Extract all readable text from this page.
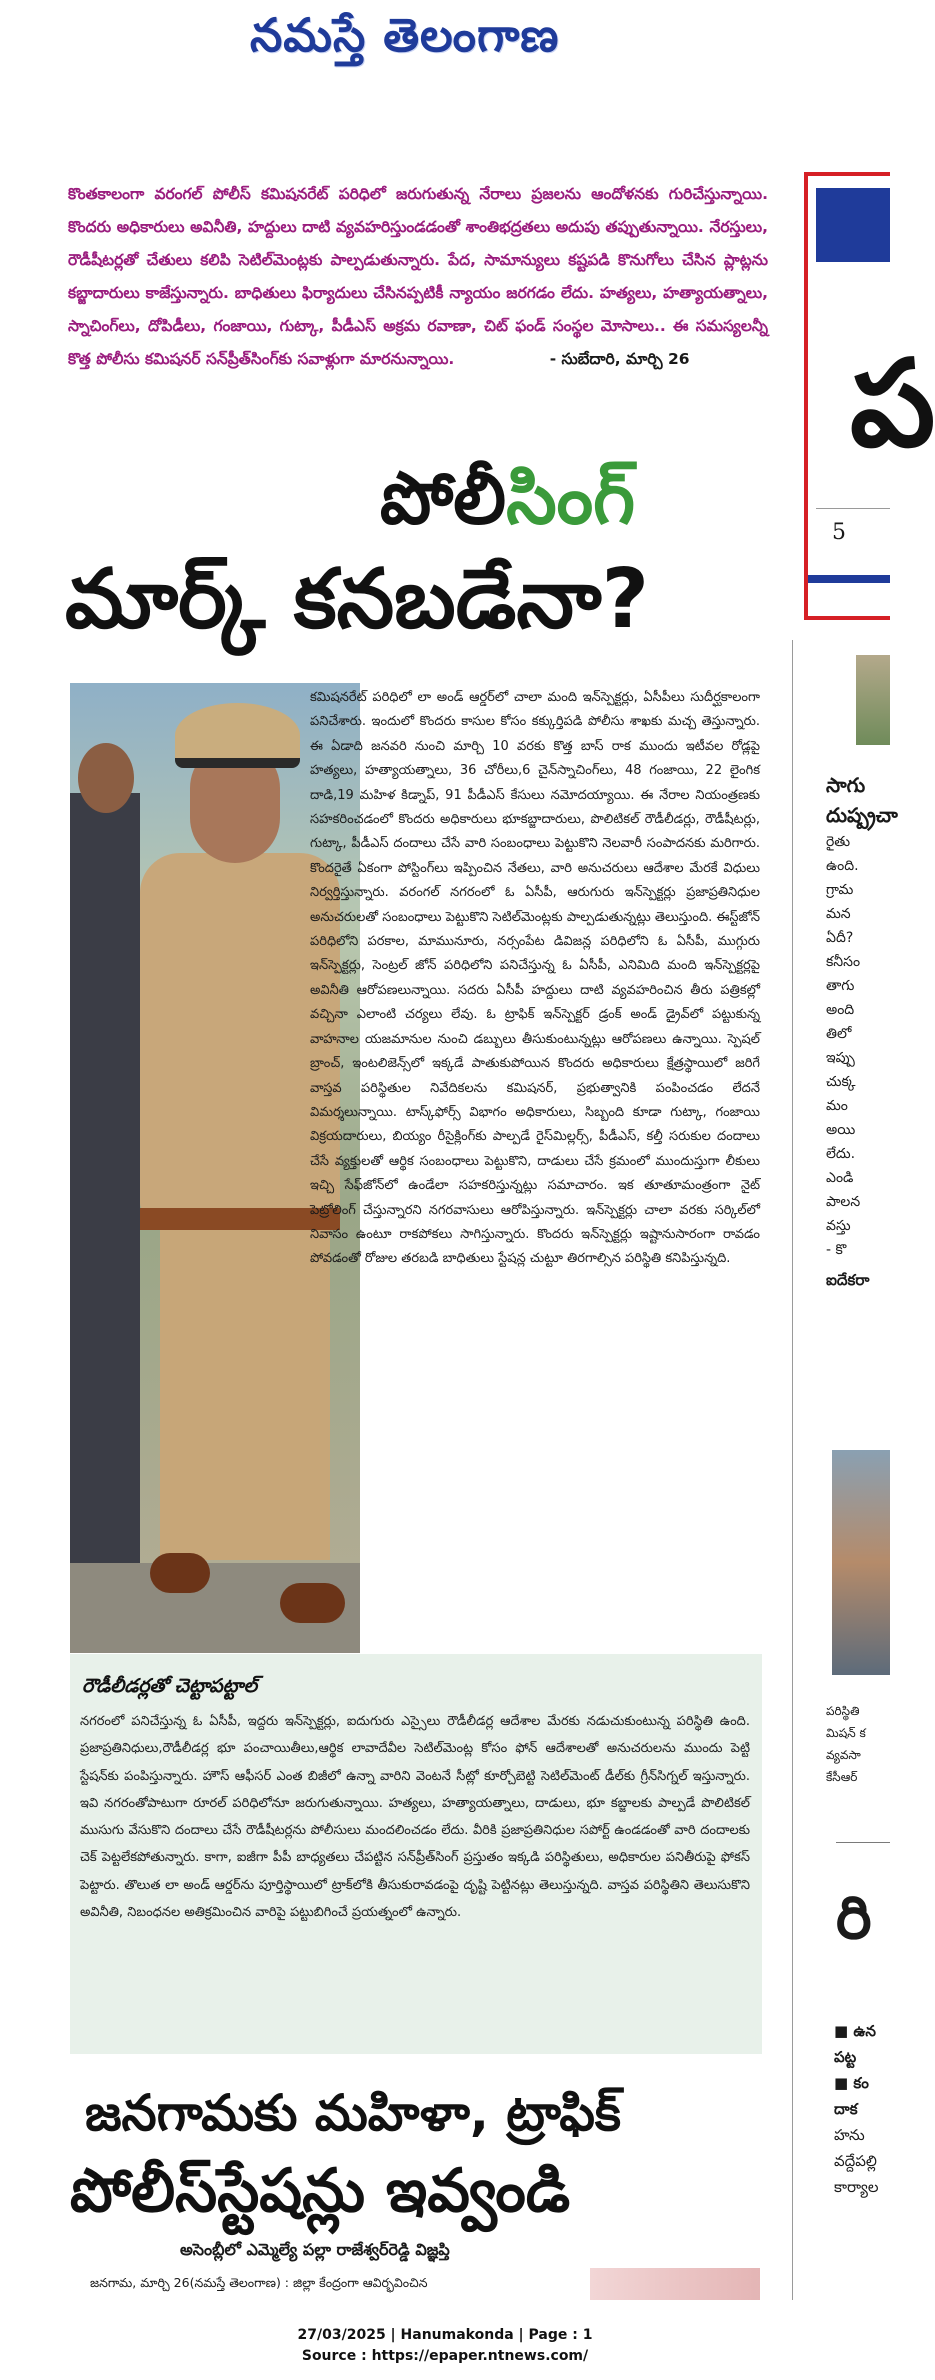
నమస్తే తెలంగాణ
కొంతకాలంగా వరంగల్ పోలీస్ కమిషనరేట్ పరిధిలో జరుగుతున్న నేరాలు ప్రజలను ఆందోళనకు గురిచేస్తున్నాయి. కొందరు అధికారులు అవినీతి, హద్దులు దాటి వ్యవహరిస్తుండడంతో శాంతిభద్రతలు అదుపు తప్పుతున్నాయి. నేరస్తులు, రౌడీషీటర్లతో చేతులు కలిపి సెటిల్‌మెంట్లకు పాల్పడుతున్నారు. పేద, సామాన్యులు కష్టపడి కొనుగోలు చేసిన ప్లాట్లను కబ్జాదారులు కాజేస్తున్నారు. బాధితులు ఫిర్యాదులు చేసినప్పటికీ న్యాయం జరగడం లేదు. హత్యలు, హత్యాయత్నాలు, స్నాచింగ్‌లు, దోపిడీలు, గంజాయి, గుట్కా, పీడీఎస్ అక్రమ రవాణా, చిట్ ఫండ్ సంస్థల మోసాలు.. ఈ సమస్యలన్నీ కొత్త పోలీసు కమిషనర్ సన్‌ప్రీత్‌సింగ్‌కు సవాళ్లుగా మారనున్నాయి.	- సుబేదారి, మార్చి 26
పోలీసింగ్
మార్క్ కనబడేనా?
కమిషనరేట్ పరిధిలో లా అండ్ ఆర్డర్‌లో చాలా మంది ఇన్‌స్పెక్టర్లు, ఏసీపీలు సుదీర్ఘకాలంగా పనిచేశారు. ఇందులో కొందరు కాసుల కోసం కక్కుర్తిపడి పోలీసు శాఖకు మచ్చ తెస్తున్నారు. ఈ ఏడాది జనవరి నుంచి మార్చి 10 వరకు కొత్త బాస్ రాక ముందు ఇటీవల రోడ్లపై హత్యలు, హత్యాయత్నాలు, 36 చోరీలు,6 చైన్‌స్నాచింగ్‌లు, 48 గంజాయి, 22 లైంగిక దాడి,19 మహిళ కిడ్నాప్, 91 పీడీఎస్ కేసులు నమోదయ్యాయి. ఈ నేరాల నియంత్రణకు సహకరించడంలో కొందరు అధికారులు భూకబ్జాదారులు, పొలిటికల్ రౌడీలీడర్లు, రౌడీషీటర్లు, గుట్కా, పీడీఎస్ దందాలు చేసే వారి సంబంధాలు పెట్టుకొని నెలవారీ సంపాదనకు మరిగారు. కొందరైతే ఏకంగా పోస్టింగ్‌లు ఇప్పించిన నేతలు, వారి అనుచరులు ఆదేశాల మేరకే విధులు నిర్వర్తిస్తున్నారు. వరంగల్ నగరంలో ఓ ఏసీపీ, ఆరుగురు ఇన్‌స్పెక్టర్లు ప్రజాప్రతినిధుల అనుచరులతో సంబంధాలు పెట్టుకొని సెటిల్‌మెంట్లకు పాల్పడుతున్నట్లు తెలుస్తుంది. ఈస్ట్‌జోన్ పరిధిలోని పరకాల, మామునూరు, నర్సంపేట డివిజన్ల పరిధిలోని ఓ ఏసీపీ, ముగ్గురు ఇన్‌స్పెక్టర్లు, సెంట్రల్ జోన్ పరిధిలోని పనిచేస్తున్న ఓ ఏసీపీ, ఎనిమిది మంది ఇన్‌స్పెక్టర్లపై అవినీతి ఆరోపణలున్నాయి. సదరు ఏసీపీ హద్దులు దాటి వ్యవహరించిన తీరు పత్రికల్లో వచ్చినా ఎలాంటి చర్యలు లేవు. ఓ ట్రాఫిక్ ఇన్‌స్పెక్టర్ డ్రంక్ అండ్ డ్రైవ్‌లో పట్టుకున్న వాహనాల యజమానుల నుంచి డబ్బులు తీసుకుంటున్నట్లు ఆరోపణలు ఉన్నాయి. స్పెషల్ బ్రాంచ్, ఇంటలిజెన్స్‌లో ఇక్కడే పాతుకుపోయిన కొందరు అధికారులు క్షేత్రస్థాయిలో జరిగే వాస్తవ పరిస్థితుల నివేదికలను కమిషనర్, ప్రభుత్వానికి పంపించడం లేదనే విమర్శలున్నాయి. టాస్క్‌ఫోర్స్ విభాగం అధికారులు, సిబ్బంది కూడా గుట్కా, గంజాయి విక్రయదారులు, బియ్యం రీసైక్లింగ్‌కు పాల్పడే రైస్‌మిల్లర్స్, పీడీఎస్, కల్తీ సరుకుల దందాలు చేసే వ్యక్తులతో ఆర్థిక సంబంధాలు పెట్టుకొని, దాడులు చేసే క్రమంలో ముందుస్తుగా లీకులు ఇచ్చి సేఫ్‌జోన్‌లో ఉండేలా సహకరిస్తున్నట్లు సమాచారం. ఇక తూతూమంత్రంగా నైట్ పెట్రోలింగ్ చేస్తున్నారని నగరవాసులు ఆరోపిస్తున్నారు. ఇన్‌స్పెక్టర్లు చాలా వరకు సర్కిల్‌లో నివాసం ఉంటూ రాకపోకలు సాగిస్తున్నారు. కొందరు ఇన్‌స్పెక్టర్లు ఇష్టానుసారంగా రావడం పోవడంతో రోజుల తరబడి బాధితులు స్టేషన్ల చుట్టూ తిరగాల్సిన పరిస్థితి కనిపిస్తున్నది.
రౌడీలీడర్లతో చెట్టాపట్టాల్
నగరంలో పనిచేస్తున్న ఓ ఏసీపీ, ఇద్దరు ఇన్‌స్పెక్టర్లు, ఐదుగురు ఎస్సైలు రౌడీలీడర్ల ఆదేశాల మేరకు నడుచుకుంటున్న పరిస్థితి ఉంది. ప్రజాప్రతినిధులు,రౌడీలీడర్ల భూ పంచాయితీలు,ఆర్థిక లావాదేవీల సెటిల్‌మెంట్ల కోసం ఫోన్ ఆదేశాలతో అనుచరులను ముందు పెట్టి స్టేషన్‌కు పంపిస్తున్నారు. హౌస్ ఆఫీసర్ ఎంత బిజీలో ఉన్నా వారిని వెంటనే సీట్లో కూర్చోబెట్టి సెటిల్‌మెంట్ డీల్‌కు గ్రీన్‌సిగ్నల్ ఇస్తున్నారు. ఇవి నగరంతోపాటుగా రూరల్ పరిధిలోనూ జరుగుతున్నాయి. హత్యలు, హత్యాయత్నాలు, దాడులు, భూ కబ్జాలకు పాల్పడే పొలిటికల్ ముసుగు వేసుకొని దందాలు చేసే రౌడీషీటర్లను పోలీసులు మందలించడం లేదు. వీరికి ప్రజాప్రతినిధుల సపోర్ట్ ఉండడంతో వారి దందాలకు చెక్ పెట్టలేకపోతున్నారు. కాగా, ఐజీగా పీపీ బాధ్యతలు చేపట్టిన సన్‌ప్రీత్‌సింగ్ ప్రస్తుతం ఇక్కడి పరిస్థితులు, అధికారుల పనితీరుపై ఫోకస్ పెట్టారు. తొలుత లా అండ్ ఆర్డర్‌ను పూర్తిస్థాయిలో ట్రాక్‌లోకి తీసుకురావడంపై దృష్టి పెట్టినట్లు తెలుస్తున్నది. వాస్తవ పరిస్థితిని తెలుసుకొని అవినీతి, నిబంధనల అతిక్రమించిన వారిపై పట్టుబిగించే ప్రయత్నంలో ఉన్నారు.
జనగామకు మహిళా, ట్రాఫిక్
పోలీస్‌స్టేషన్లు ఇవ్వండి
అసెంబ్లీలో ఎమ్మెల్యే పల్లా రాజేశ్వర్‌రెడ్డి విజ్ఞప్తి
జనగామ, మార్చి 26(నమస్తే తెలంగాణ) : జిల్లా కేంద్రంగా ఆవిర్భవించిన
ప
5
సాగు దుష్ప్రచా
రైతు
ఉంది.
గ్రామ
మన
ఏదీ?
కనీసం
తాగు
అంది
తిలో
ఇప్పు
చుక్క
మం
అయి
లేదు.
ఎండి
పాలన
వస్తు
- కొ
ఐదేకరా
పరిస్థితి
మిషన్ క
వ్యవసా
కేసీఆర్
రి
■ ఉన
పట్ట
■ కం
దాక
హను
వద్దేపల్లి
కార్యాల
27/03/2025 | Hanumakonda | Page : 1
Source : https://epaper.ntnews.com/
